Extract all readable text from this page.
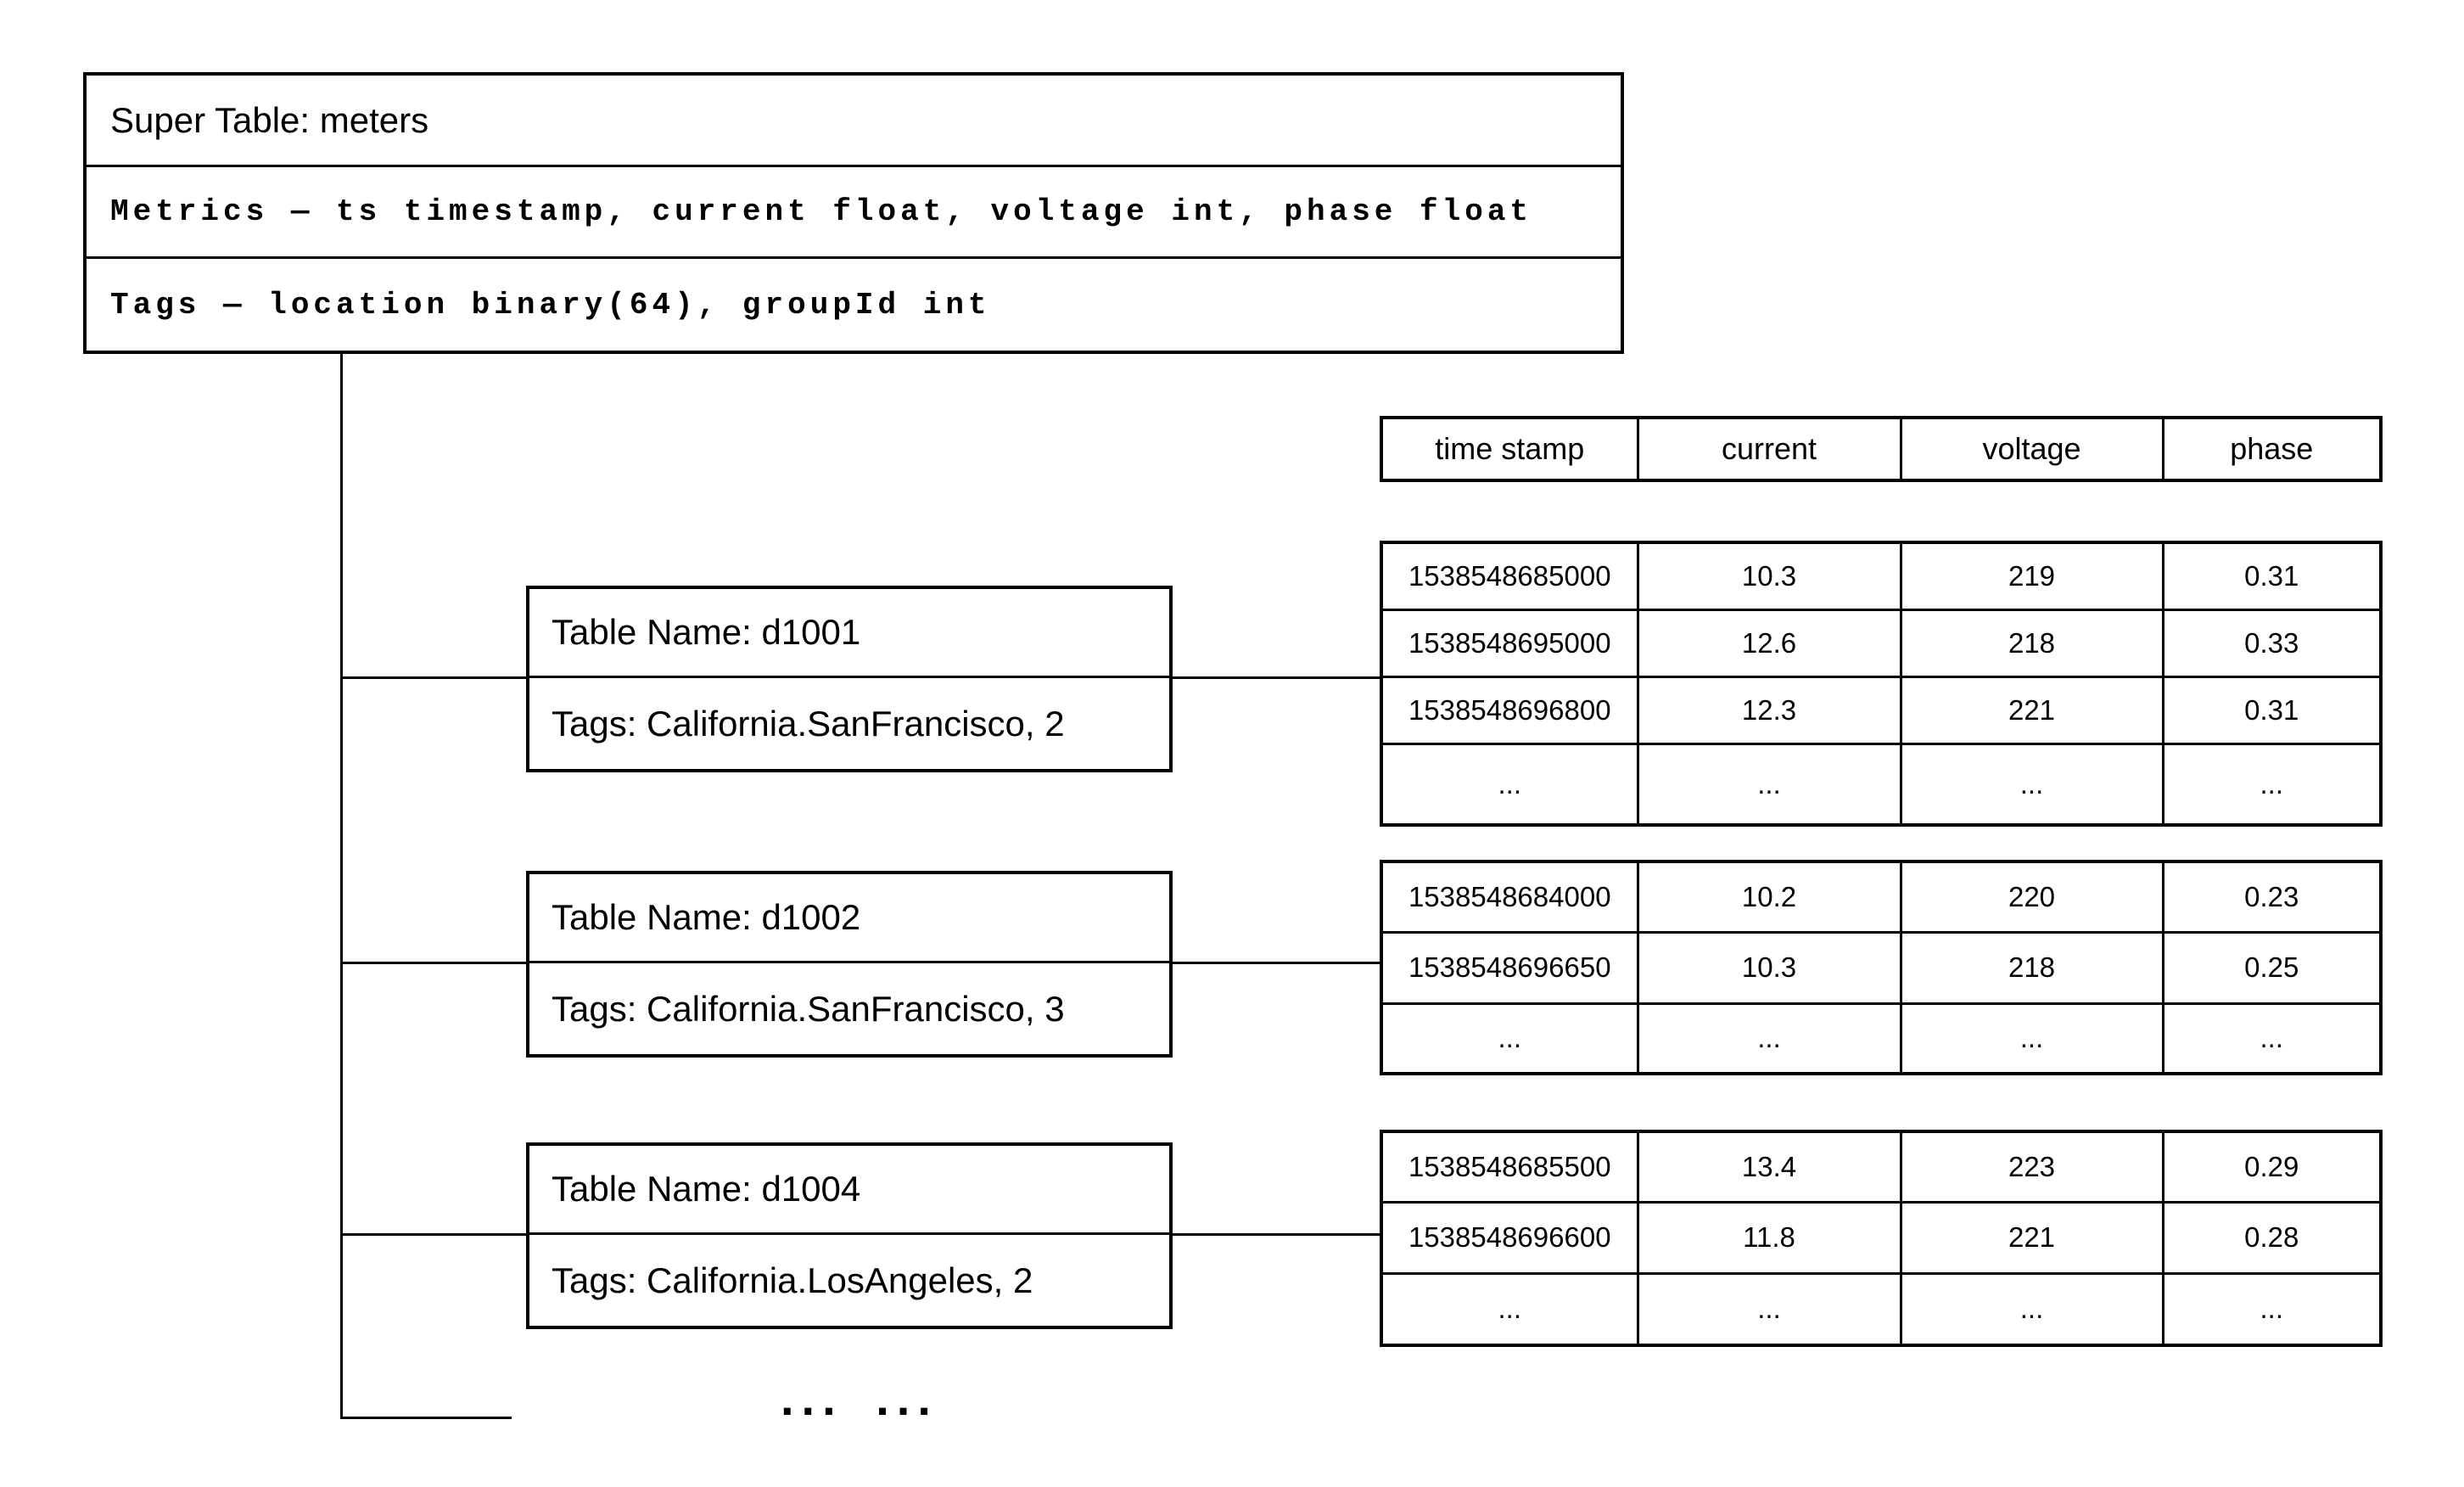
Super Table: meters
Metrics — ts timestamp, current float, voltage int, phase float
Tags — location binary(64), groupId int
Table Name: d1001
Tags: California.SanFrancisco, 2
Table Name: d1002
Tags: California.SanFrancisco, 3
Table Name: d1004
Tags: California.LosAngeles, 2
time stamp	current	voltage	phase
1538548685000	10.3	219	0.31
1538548695000	12.6	218	0.33
1538548696800	12.3	221	0.31
...	...	...	...
1538548684000	10.2	220	0.23
1538548696650	10.3	218	0.25
...	...	...	...
1538548685500	13.4	223	0.29
1538548696600	11.8	221	0.28
...	...	...	...
... ...
